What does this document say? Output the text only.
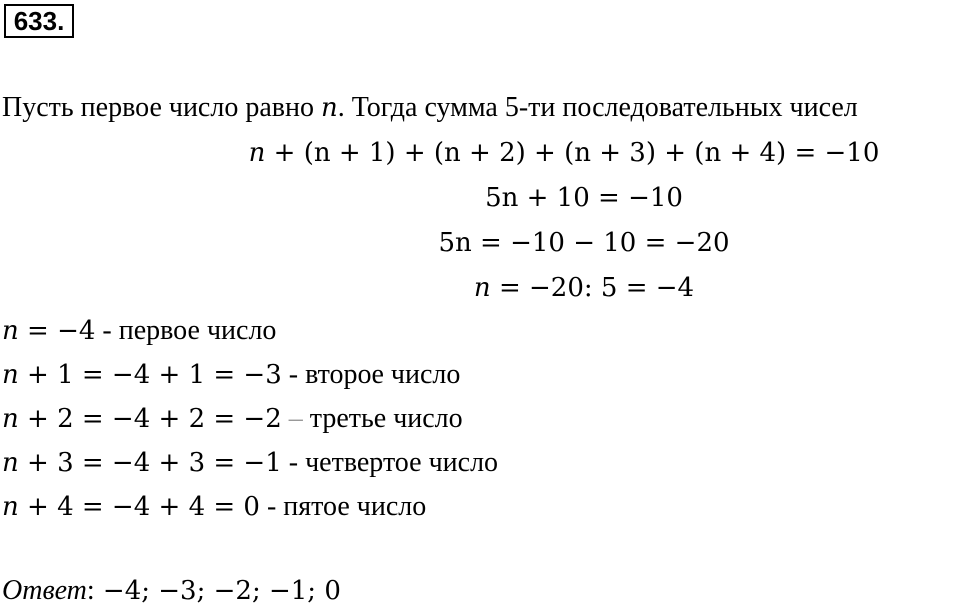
633.
Пусть первое число равно n. Тогда сумма 5-ти последовательных чисел
n + (n + 1) + (n + 2) + (n + 3) + (n + 4) = −10
5n + 10 = −10
5n = −10 − 10 = −20
n = −20: 5 = −4
n = −4 - первое число
n + 1 = −4 + 1 = −3 - вторoе число
n + 2 = −4 + 2 = −2 – третье число
n + 3 = −4 + 3 = −1 - четвертое число
n + 4 = −4 + 4 = 0 - пятое число
Ответ: −4; −3; −2; −1; 0
